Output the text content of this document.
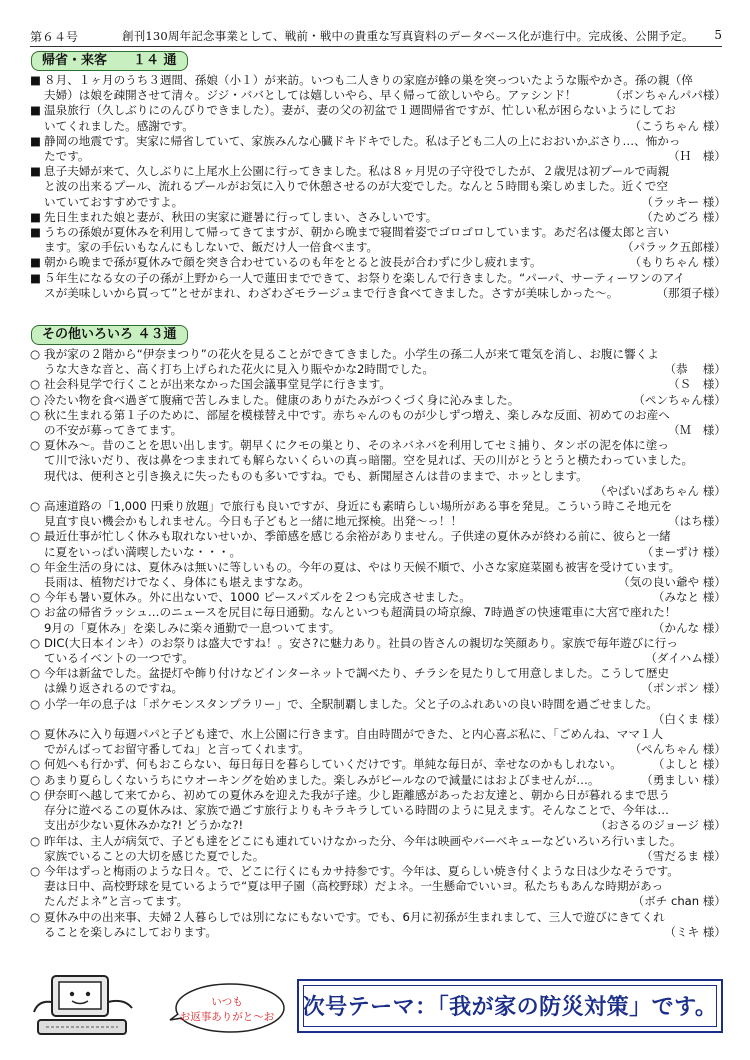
第６４号	創刊130周年記念事業として、戦前・戦中の貴重な写真資料のデータベース化が進行中。完成後、公開予定。 5
帰省・来客　　１４ 通
■ ８月、１ヶ月のうち３週間、孫娘（小１）が来訪。いつも二人きりの家庭が蜂の巣を突っついたような賑やかさ。孫の親（倅
夫婦）は娘を疎開させて清々。ジジ・ババとしては嬉しいやら、早く帰って欲しいやら。アァシンド！	（ボンちゃんパパ様）
■ 温泉旅行（久しぶりにのんびりできました）。妻が、妻の父の初盆で１週間帰省ですが、忙しい私が困らないようにしてお
いてくれました。感謝です。	（こうちゃん 様）
■ 静岡の地震です。実家に帰省していて、家族みんな心臓ドキドキでした。私は子ども二人の上におおいかぶさり…、怖かっ
たです。	（Ｈ　様）
■ 息子夫婦が来て、久しぶりに上尾水上公園に行ってきました。私は８ヶ月児の子守役でしたが、２歳児は初プールで両親
と波の出来るプール、流れるプールがお気に入りで休憩させるのが大変でした。なんと５時間も楽しめました。近くで空
いていておすすめですよ。	（ラッキー 様）
■ 先日生まれた娘と妻が、秋田の実家に避暑に行ってしまい、さみしいです。	（ためごろ 様）
■ うちの孫娘が夏休みを利用して帰ってきてますが、朝から晩まで寝間着姿でゴロゴロしています。あだ名は優太郎と言い
ます。家の手伝いもなんにもしないで、飯だけ人一倍食べます。	（パラック五郎様）
■ 朝から晩まで孫が夏休みで顔を突き合わせているのも年をとると波長が合わずに少し疲れます。	（もりちゃん 様）
■ ５年生になる女の子の孫が上野から一人で蓮田までできて、お祭りを楽しんで行きました。“パーパ、サーティーワンのアイ
スが美味しいから買って”とせがまれ、わざわざモラージュまで行き食べてきました。さすが美味しかった～。	（那須子様）
その他いろいろ ４３通
○ 我が家の２階から“伊奈まつり”の花火を見ることができてきました。小学生の孫二人が来て電気を消し、お腹に響くよ
うな大きな音と、高く打ち上げられた花火に見入り賑やかな2時間でした。	（恭　 様）
○ 社会科見学で行くことが出来なかった国会議事堂見学に行きます。	（Ｓ　様）
○ 冷たい物を食べ過ぎて腹痛で苦しみました。健康のありがたみがつくづく身に沁みました。	（ペンちゃん様）
○ 秋に生まれる第１子のために、部屋を模様替え中です。赤ちゃんのものが少しずつ増え、楽しみな反面、初めてのお産へ
の不安が募ってきてます。	（Ｍ　様）
○ 夏休み～。昔のことを思い出します。朝早くにクモの巣とり、そのネバネバを利用してセミ捕り、タンボの泥を体に塗っ
て川で泳いだり、夜は鼻をつままれても解らないくらいの真っ暗闇。空を見れば、天の川がとうとうと横たわっていました。
現代は、便利さと引き換えに失ったものも多いですね。でも、新聞屋さんは昔のままで、ホッとします。
（やばいばあちゃん 様）
○ 高速道路の「1,000 円乗り放題」で旅行も良いですが、身近にも素晴らしい場所がある事を発見。こういう時こそ地元を
見直す良い機会かもしれません。今日も子どもと一緒に地元探検。出発～っ！！	（はち様）
○ 最近仕事が忙しく休みも取れないせいか、季節感を感じる余裕がありません。子供達の夏休みが終わる前に、彼らと一緒
に夏をいっぱい満喫したいな・・・。	（まーずけ 様）
○ 年金生活の身には、夏休みは無いに等しいもの。今年の夏は、やはり天候不順で、小さな家庭菜園も被害を受けています。
長雨は、植物だけでなく、身体にも堪えますなあ。	（気の良い爺や 様）
○ 今年も暑い夏休み。外に出ないで、1000 ピースパズルを２つも完成させました。	（みなと 様）
○ お盆の帰省ラッシュ…のニュースを尻目に毎日通勤。なんといつも超満員の埼京線、7時過ぎの快速電車に大宮で座れた！
9月の「夏休み」を楽しみに楽々通勤で一息ついてます。	（かんな 様）
○ DIC(大日本インキ）のお祭りは盛大ですね！。安さ?に魅力あり。社員の皆さんの親切な笑顔あり。家族で毎年遊びに行っ
ているイベントの一つです。	（ダイハム様）
○ 今年は新盆でした。盆提灯や飾り付けなどインターネットで調べたり、チラシを見たりして用意しました。こうして歴史
は繰り返されるのですね。	（ポンポン 様）
○ 小学一年の息子は「ポケモンスタンプラリー」で、全駅制覇しました。父と子のふれあいの良い時間を過ごせました。
（白くま 様）
○ 夏休みに入り毎週パパと子ども達で、水上公園に行きます。自由時間ができた、と内心喜ぶ私に、「ごめんね、ママ１人
でがんばってお留守番してね」と言ってくれます。	（ぺんちゃん 様）
○ 何処へも行かず、何もおこらない、毎日毎日を暮らしていくだけです。単純な毎日が、幸せなのかもしれない。	（よしと 様）
○ あまり夏らしくないうちにウオーキングを始めました。楽しみがビールなので減量にはおよびませんが…。	（勇ましい 様）
○ 伊奈町へ越して来てから、初めての夏休みを迎えた我が子達。少し距離感があったお友達と、朝から日が暮れるまで思う
存分に遊べるこの夏休みは、家族で過ごす旅行よりもキラキラしている時間のように見えます。そんなことで、今年は…
支出が少ない夏休みかな?! どうかな?!	（おさるのジョージ 様）
○ 昨年は、主人が病気で、子ども達をどこにも連れていけなかった分、今年は映画やバーベキューなどいろいろ行いました。
家族でいることの大切を感じた夏でした。	（雪だるま 様）
○ 今年はずっと梅雨のような日々。で、どこに行くにもカサ持参です。今年は、夏らしい焼き付くような日は少なそうです。
妻は日中、高校野球を見ているようで“夏は甲子園（高校野球）だよネ。一生懸命でいいヨ。私たちもあんな時期があっ
たんだよネ”と言ってます。	（ボチ chan 様）
○ 夏休み中の出来事、夫婦２人暮らしでは別になにもないです。でも、6月に初孫が生まれまして、三人で遊びにきてくれ
ることを楽しみにしております。	（ミキ 様）
いつも
お返事ありがと～お	次号テーマ：「我が家の防災対策」です。
